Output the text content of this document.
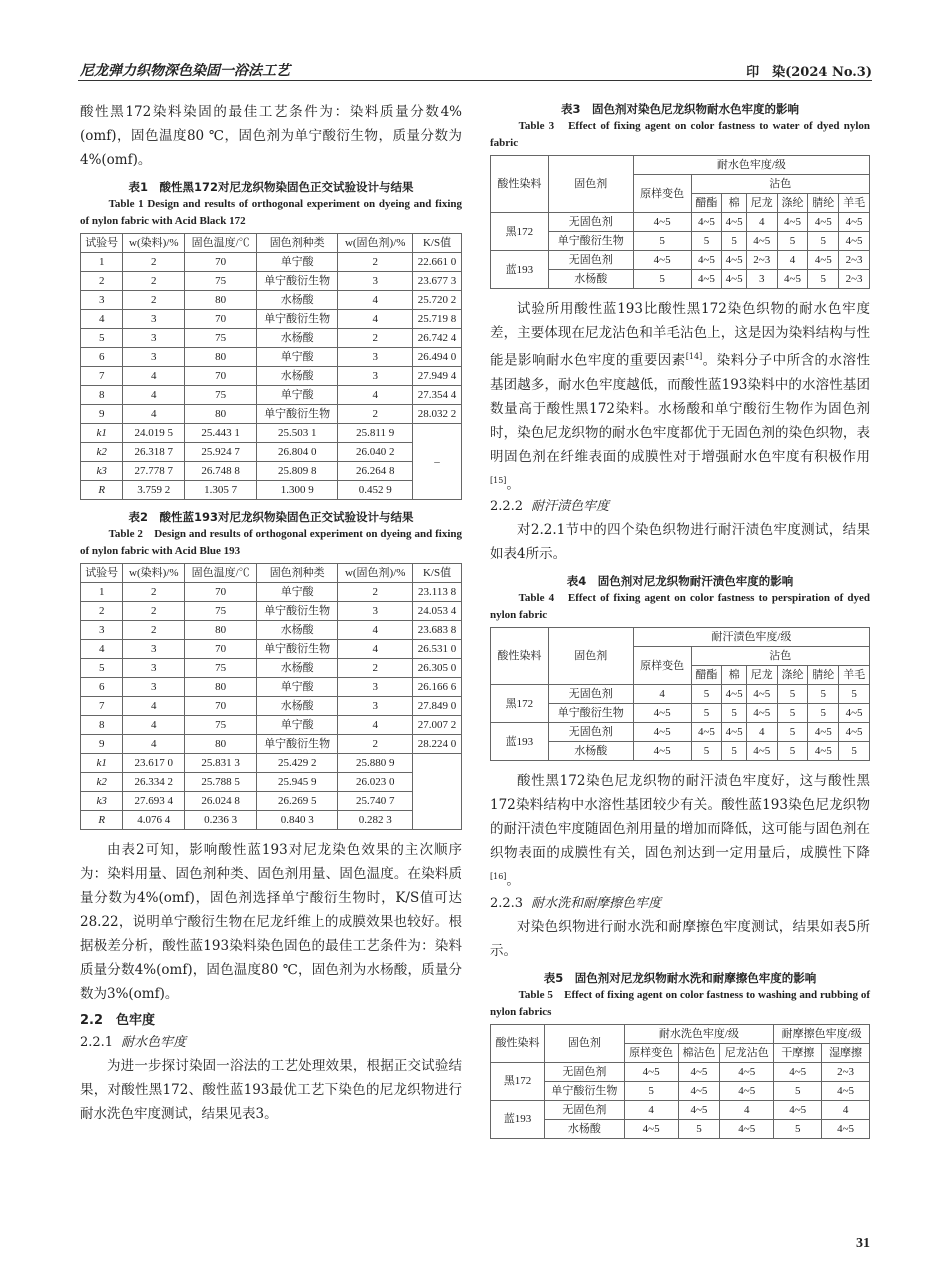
尼龙弹力织物深色染固一浴法工艺	印　染(2024 No.3)

酸性黑172染料染固的最佳工艺条件为：染料质量分数4%(omf)，固色温度80 ℃，固色剂为单宁酸衍生物，质量分数为4%(omf)。

表1　酸性黑172对尼龙织物染固色正交试验设计与结果
Table 1 Design and results of orthogonal experiment on dyeing and fixing of nylon fabric with Acid Black 172
试验号	w(染料)/%	固色温度/℃	固色剂种类	w(固色剂)/%	K/S值
1	2	70	单宁酸	2	22.661 0
2	2	75	单宁酸衍生物	3	23.677 3
3	2	80	水杨酸	4	25.720 2
4	3	70	单宁酸衍生物	4	25.719 8
5	3	75	水杨酸	2	26.742 4
6	3	80	单宁酸	3	26.494 0
7	4	70	水杨酸	3	27.949 4
8	4	75	单宁酸	4	27.354 4
9	4	80	单宁酸衍生物	2	28.032 2
k1	24.019 5	25.443 1	25.503 1	25.811 9	–
k2	26.318 7	25.924 7	26.804 0	26.040 2	
k3	27.778 7	26.748 8	25.809 8	26.264 8	
R	3.759 2	1.305 7	1.300 9	0.452 9	
表2　酸性蓝193对尼龙织物染固色正交试验设计与结果
Table 2　Design and results of orthogonal experiment on dyeing and fixing of nylon fabric with Acid Blue 193
试验号	w(染料)/%	固色温度/℃	固色剂种类	w(固色剂)/%	K/S值
1	2	70	单宁酸	2	23.113 8
2	2	75	单宁酸衍生物	3	24.053 4
3	2	80	水杨酸	4	23.683 8
4	3	70	单宁酸衍生物	4	26.531 0
5	3	75	水杨酸	2	26.305 0
6	3	80	单宁酸	3	26.166 6
7	4	70	水杨酸	3	27.849 0
8	4	75	单宁酸	4	27.007 2
9	4	80	单宁酸衍生物	2	28.224 0
k1	23.617 0	25.831 3	25.429 2	25.880 9	
k2	26.334 2	25.788 5	25.945 9	26.023 0	
k3	27.693 4	26.024 8	26.269 5	25.740 7	
R	4.076 4	0.236 3	0.840 3	0.282 3	

由表2可知，影响酸性蓝193对尼龙染色效果的主次顺序为：染料用量、固色剂种类、固色剂用量、固色温度。在染料质量分数为4%(omf)，固色剂选择单宁酸衍生物时，K/S值可达28.22，说明单宁酸衍生物在尼龙纤维上的成膜效果也较好。根据极差分析，酸性蓝193染料染色固色的最佳工艺条件为：染料质量分数4%(omf)，固色温度80 ℃，固色剂为水杨酸，质量分数为3%(omf)。

2.2　色牢度
2.2.1 耐水色牢度

为进一步探讨染固一浴法的工艺处理效果，根据正交试验结果，对酸性黑172、酸性蓝193最优工艺下染色的尼龙织物进行耐水洗色牢度测试，结果见表3。

表3　固色剂对染色尼龙织物耐水色牢度的影响
Table 3　Effect of fixing agent on color fastness to water of dyed nylon fabric
酸性染料	固色剂	耐水色牢度/级						
		原样变色	沾色					
			醋酯	棉	尼龙	涤纶	腈纶	羊毛
黑172	无固色剂	4~5	4~5	4~5	4	4~5	4~5	4~5
	单宁酸衍生物	5	5	5	4~5	5	5	4~5
蓝193	无固色剂	4~5	4~5	4~5	2~3	4	4~5	2~3
	水杨酸	5	4~5	4~5	3	4~5	5	2~3

试验所用酸性蓝193比酸性黑172染色织物的耐水色牢度差，主要体现在尼龙沾色和羊毛沾色上，这是因为染料结构与性能是影响耐水色牢度的重要因素[14]。染料分子中所含的水溶性基团越多，耐水色牢度越低，而酸性蓝193染料中的水溶性基团数量高于酸性黑172染料。水杨酸和单宁酸衍生物作为固色剂时，染色尼龙织物的耐水色牢度都优于无固色剂的染色织物，表明固色剂在纤维表面的成膜性对于增强耐水色牢度有积极作用[15]。

2.2.2 耐汗渍色牢度

对2.2.1节中的四个染色织物进行耐汗渍色牢度测试，结果如表4所示。

表4　固色剂对尼龙织物耐汗渍色牢度的影响
Table 4　Effect of fixing agent on color fastness to perspiration of dyed nylon fabric
酸性染料	固色剂	耐汗渍色牢度/级						
		原样变色	沾色					
			醋酯	棉	尼龙	涤纶	腈纶	羊毛
黑172	无固色剂	4	5	4~5	4~5	5	5	5
	单宁酸衍生物	4~5	5	5	4~5	5	5	4~5
蓝193	无固色剂	4~5	4~5	4~5	4	5	4~5	4~5
	水杨酸	4~5	5	5	4~5	5	4~5	5

酸性黑172染色尼龙织物的耐汗渍色牢度好，这与酸性黑172染料结构中水溶性基团较少有关。酸性蓝193染色尼龙织物的耐汗渍色牢度随固色剂用量的增加而降低，这可能与固色剂在织物表面的成膜性有关，固色剂达到一定用量后，成膜性下降[16]。

2.2.3 耐水洗和耐摩擦色牢度

对染色织物进行耐水洗和耐摩擦色牢度测试，结果如表5所示。

表5　固色剂对尼龙织物耐水洗和耐摩擦色牢度的影响
Table 5　Effect of fixing agent on color fastness to washing and rubbing of nylon fabrics
酸性染料	固色剂	耐水洗色牢度/级			耐摩擦色牢度/级	
		原样变色	棉沾色	尼龙沾色	干摩擦	湿摩擦
黑172	无固色剂	4~5	4~5	4~5	4~5	2~3
	单宁酸衍生物	5	4~5	4~5	5	4~5
蓝193	无固色剂	4	4~5	4	4~5	4
	水杨酸	4~5	5	4~5	5	4~5
31
